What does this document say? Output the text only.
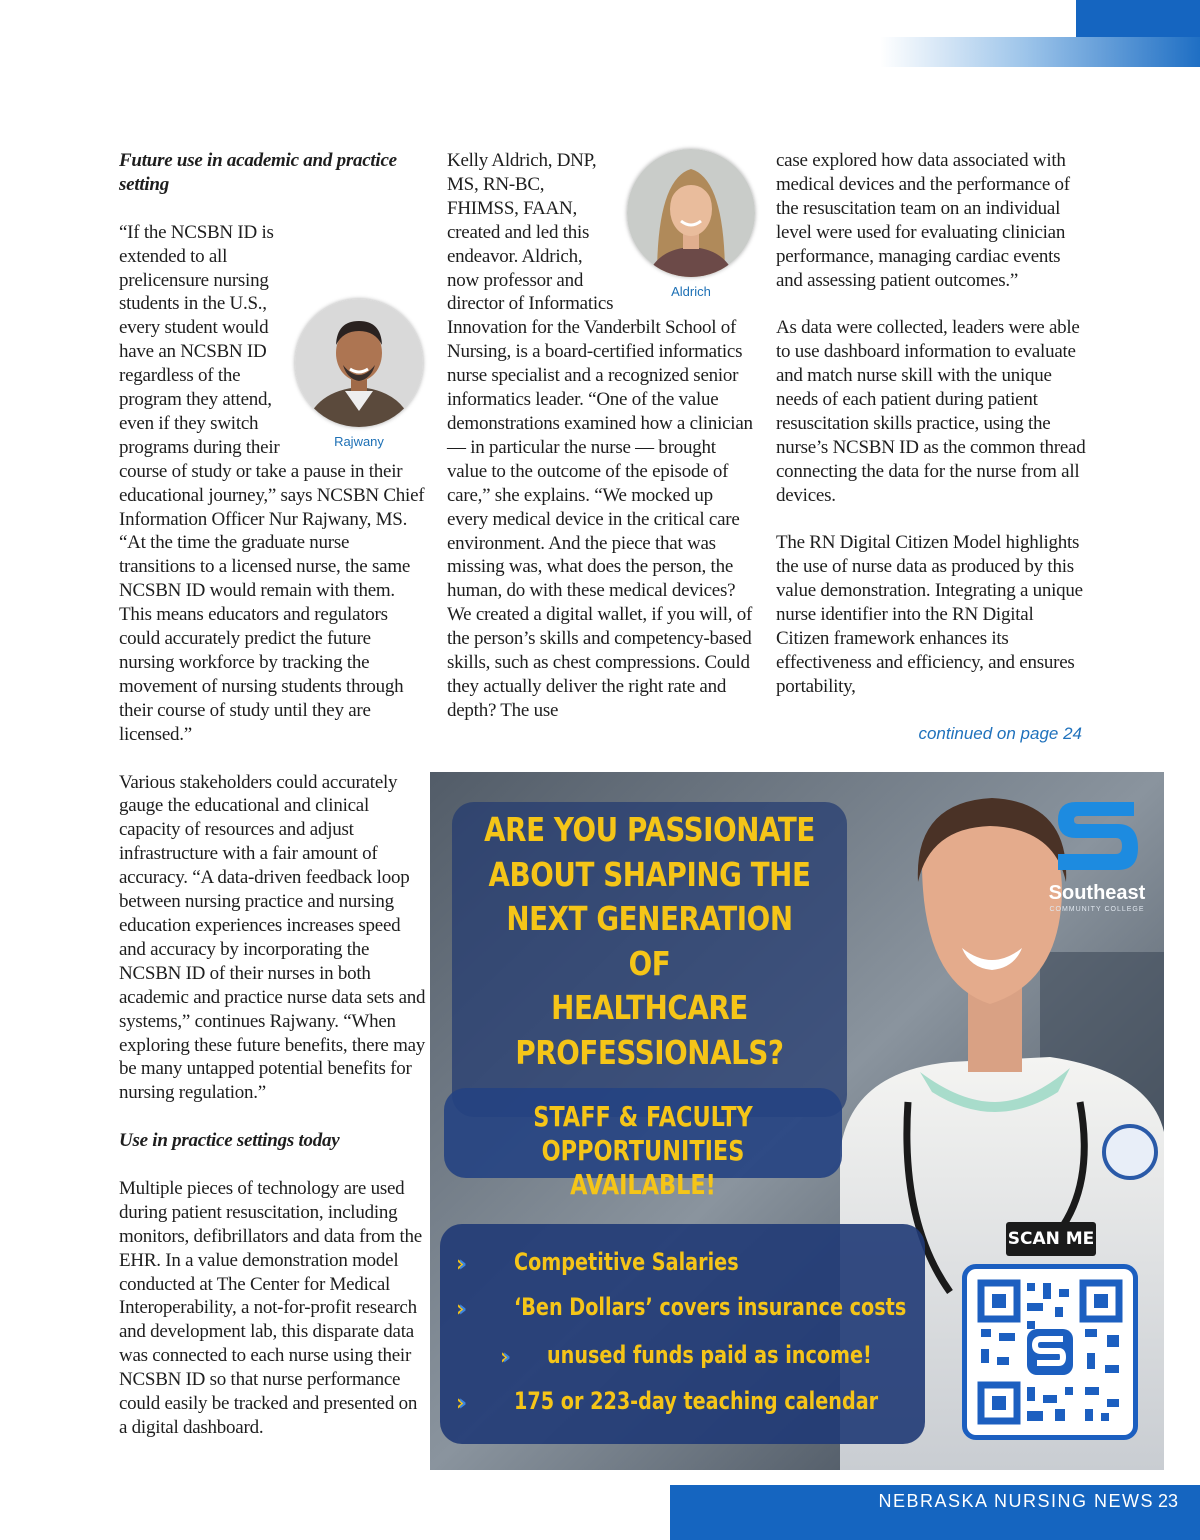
Future use in academic and practice setting
Rajwany

“If the NCSBN ID is extended to all prelicensure nursing students in the U.S., every student would have an NCSBN ID regardless of the program they attend, even if they switch programs during their course of study or take a pause in their educational journey,” says NCSBN Chief Information Officer Nur Rajwany, MS. “At the time the graduate nurse transitions to a licensed nurse, the same NCSBN ID would remain with them. This means educators and regulators could accurately predict the future nursing workforce by tracking the movement of nursing students through their course of study until they are licensed.”

Various stakeholders could accurately gauge the educational and clinical capacity of resources and adjust infrastructure with a fair amount of accuracy. “A data-driven feedback loop between nursing practice and nursing education experiences increases speed and accuracy by incorporating the NCSBN ID of their nurses in both academic and practice nurse data sets and systems,” continues Rajwany. “When exploring these future benefits, there may be many untapped potential benefits for nursing regulation.”

Use in practice settings today

Multiple pieces of technology are used during patient resuscitation, including monitors, defibrillators and data from the EHR. In a value demonstration model conducted at The Center for Medical Interoperability, a not-for-profit research and development lab, this disparate data was connected to each nurse using their NCSBN ID so that nurse performance could easily be tracked and presented on a digital dashboard.

Aldrich

Kelly Aldrich, DNP, MS, RN-BC, FHIMSS, FAAN, created and led this endeavor. Aldrich, now professor and director of Informatics Innovation for the Vanderbilt School of Nursing, is a board-certified informatics nurse specialist and a recognized senior informatics leader. “One of the value demonstrations examined how a clinician — in particular the nurse — brought value to the outcome of the episode of care,” she explains. “We mocked up every medical device in the critical care environment. And the piece that was missing was, what does the person, the human, do with these medical devices? We created a digital wallet, if you will, of the person’s skills and competency-based skills, such as chest compressions. Could they actually deliver the right rate and depth? The use

case explored how data associated with medical devices and the performance of the resuscitation team on an individual level were used for evaluating clinician performance, managing cardiac events and assessing patient outcomes.”

As data were collected, leaders were able to use dashboard information to evaluate and match nurse skill with the unique needs of each patient during patient resuscitation skills practice, using the nurse’s NCSBN ID as the common thread connecting the data for the nurse from all devices.

The RN Digital Citizen Model highlights the use of nurse data as produced by this value demonstration. Integrating a unique nurse identifier into the RN Digital Citizen framework enhances its effectiveness and efficiency, and ensures portability,

continued on page 24
ARE YOU PASSIONATE
ABOUT SHAPING THE
NEXT GENERATION OF
HEALTHCARE
PROFESSIONALS?
STAFF & FACULTY
OPPORTUNITIES AVAILABLE!
›› Competitive Salaries
›› ‘Ben Dollars’ covers insurance costs
›› unused funds paid as income!
›› 175 or 223-day teaching calendar
Southeast
COMMUNITY COLLEGE
SCAN ME
NEBRASKA NURSING NEWS 23
